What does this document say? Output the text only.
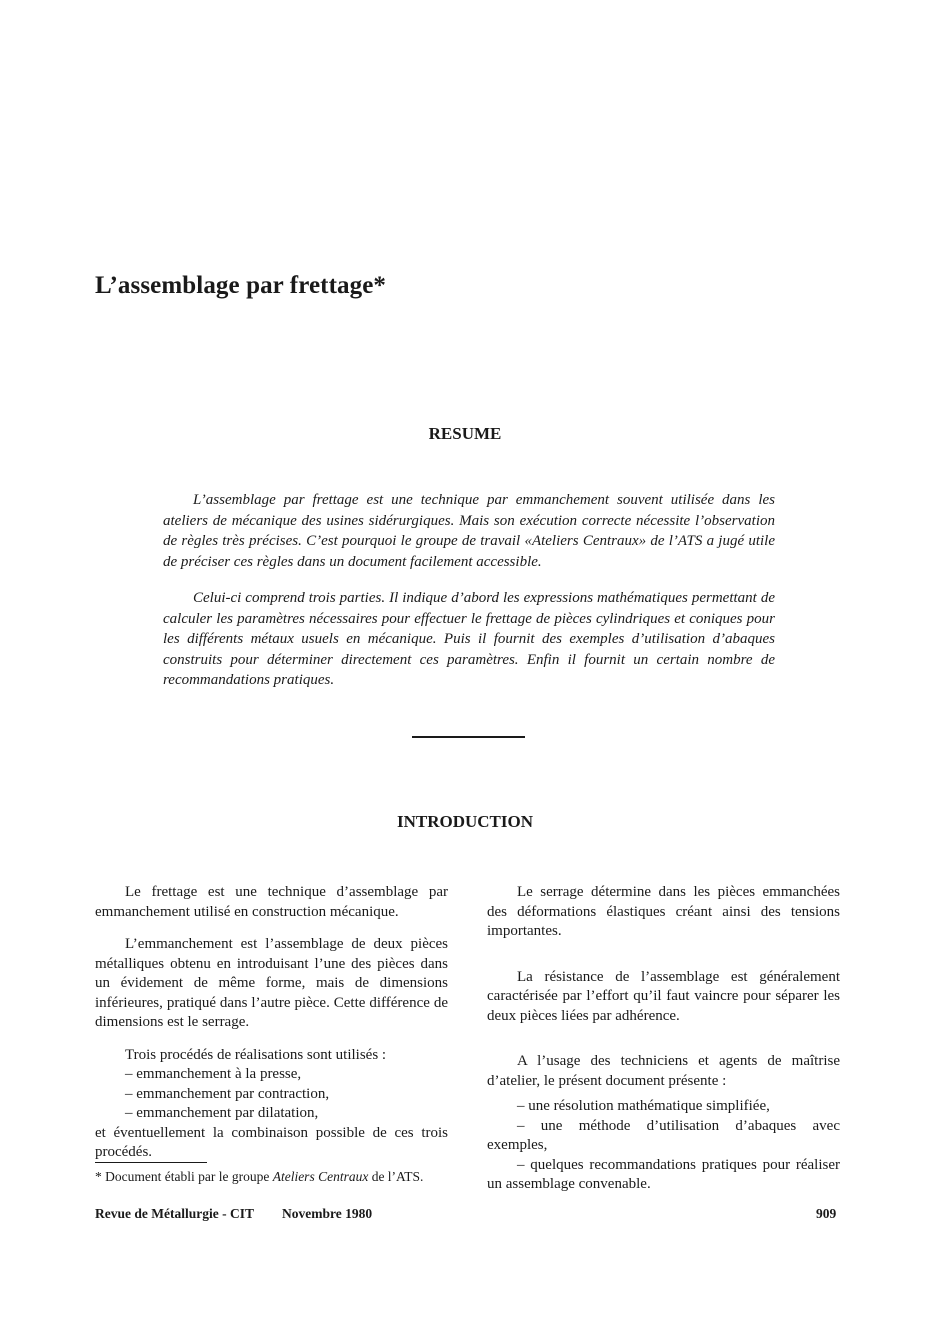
L’assemblage par frettage*
RESUME

L’assemblage par frettage est une technique par emmanchement souvent utilisée dans les ateliers de mécanique des usines sidérurgiques. Mais son exécution correcte nécessite l’observation de règles très précises. C’est pourquoi le groupe de travail «Ateliers Centraux» de l’ATS a jugé utile de préciser ces règles dans un document facilement accessible.

Celui-ci comprend trois parties. Il indique d’abord les expressions mathématiques permettant de calculer les paramètres nécessaires pour effectuer le frettage de pièces cylindriques et coniques pour les différents métaux usuels en mécanique. Puis il fournit des exemples d’utilisation d’abaques construits pour déterminer directement ces paramètres. Enfin il fournit un certain nombre de recommandations pratiques.

INTRODUCTION

Le frettage est une technique d’assemblage par emmanchement utilisé en construction mécanique.

L’emmanchement est l’assemblage de deux pièces métalliques obtenu en introduisant l’une des pièces dans un évidement de même forme, mais de dimensions inférieures, pratiqué dans l’autre pièce. Cette différence de dimensions est le serrage.

Trois procédés de réalisations sont utilisés :

– emmanchement à la presse,

– emmanchement par contraction,

– emmanchement par dilatation,

et éventuellement la combinaison possible de ces trois procédés.

Le serrage détermine dans les pièces emmanchées des déformations élastiques créant ainsi des tensions importantes.

La résistance de l’assemblage est généralement caractérisée par l’effort qu’il faut vaincre pour séparer les deux pièces liées par adhérence.

A l’usage des techniciens et agents de maîtrise d’atelier, le présent document présente :

– une résolution mathématique simplifiée,

– une méthode d’utilisation d’abaques avec exemples,

– quelques recommandations pratiques pour réaliser un assemblage convenable.

* Document établi par le groupe Ateliers Centraux de l’ATS.

Revue de Métallurgie - CIT Novembre 1980	909
